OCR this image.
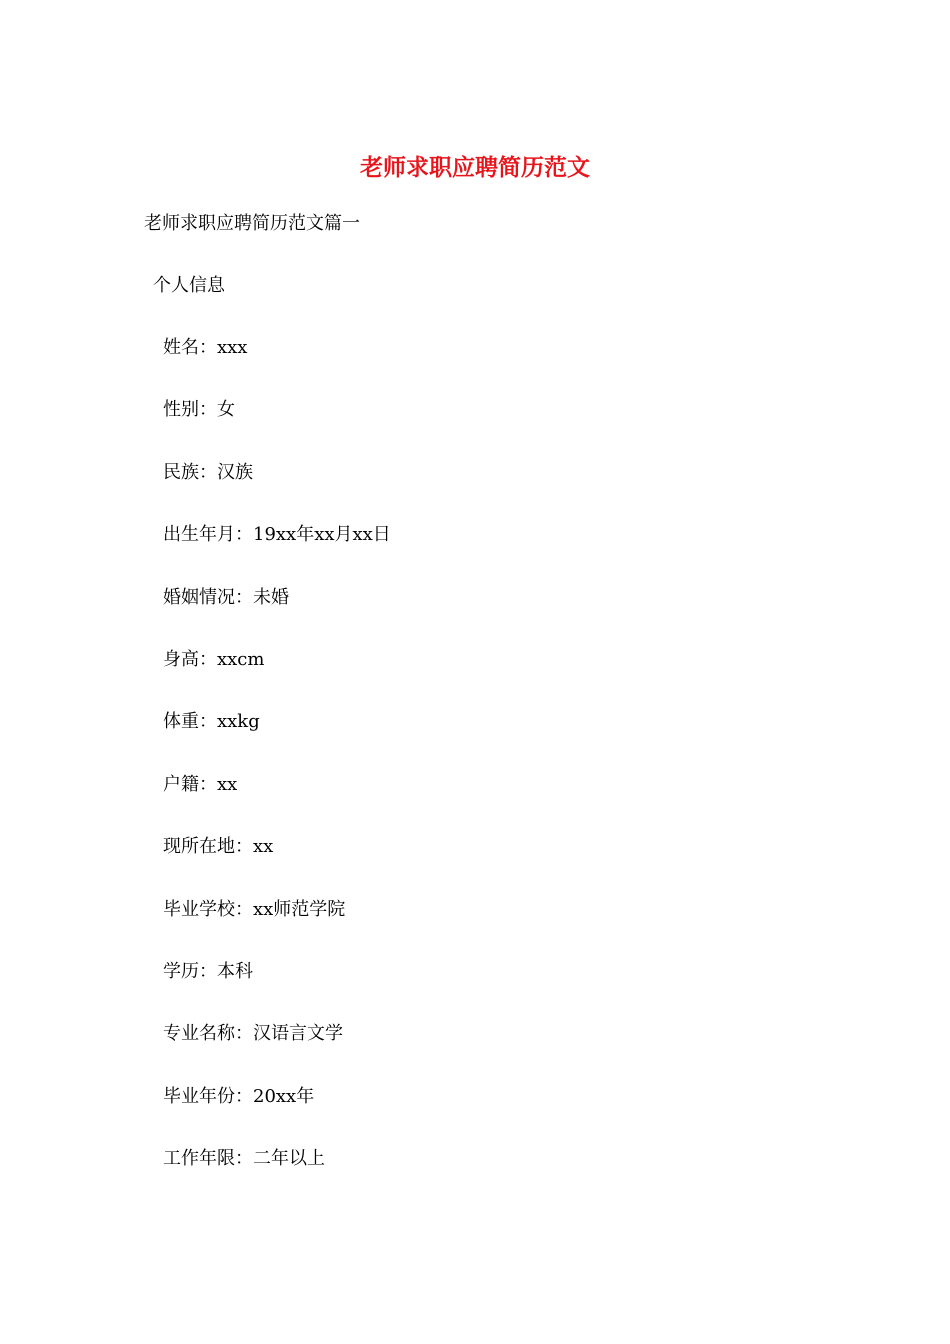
老师求职应聘简历范文
老师求职应聘简历范文篇一
个人信息
姓名：xxx
性别：女
民族：汉族
出生年月：19xx年xx月xx日
婚姻情况：未婚
身高：xxcm
体重：xxkg
户籍：xx
现所在地：xx
毕业学校：xx师范学院
学历：本科
专业名称：汉语言文学
毕业年份：20xx年
工作年限：二年以上
